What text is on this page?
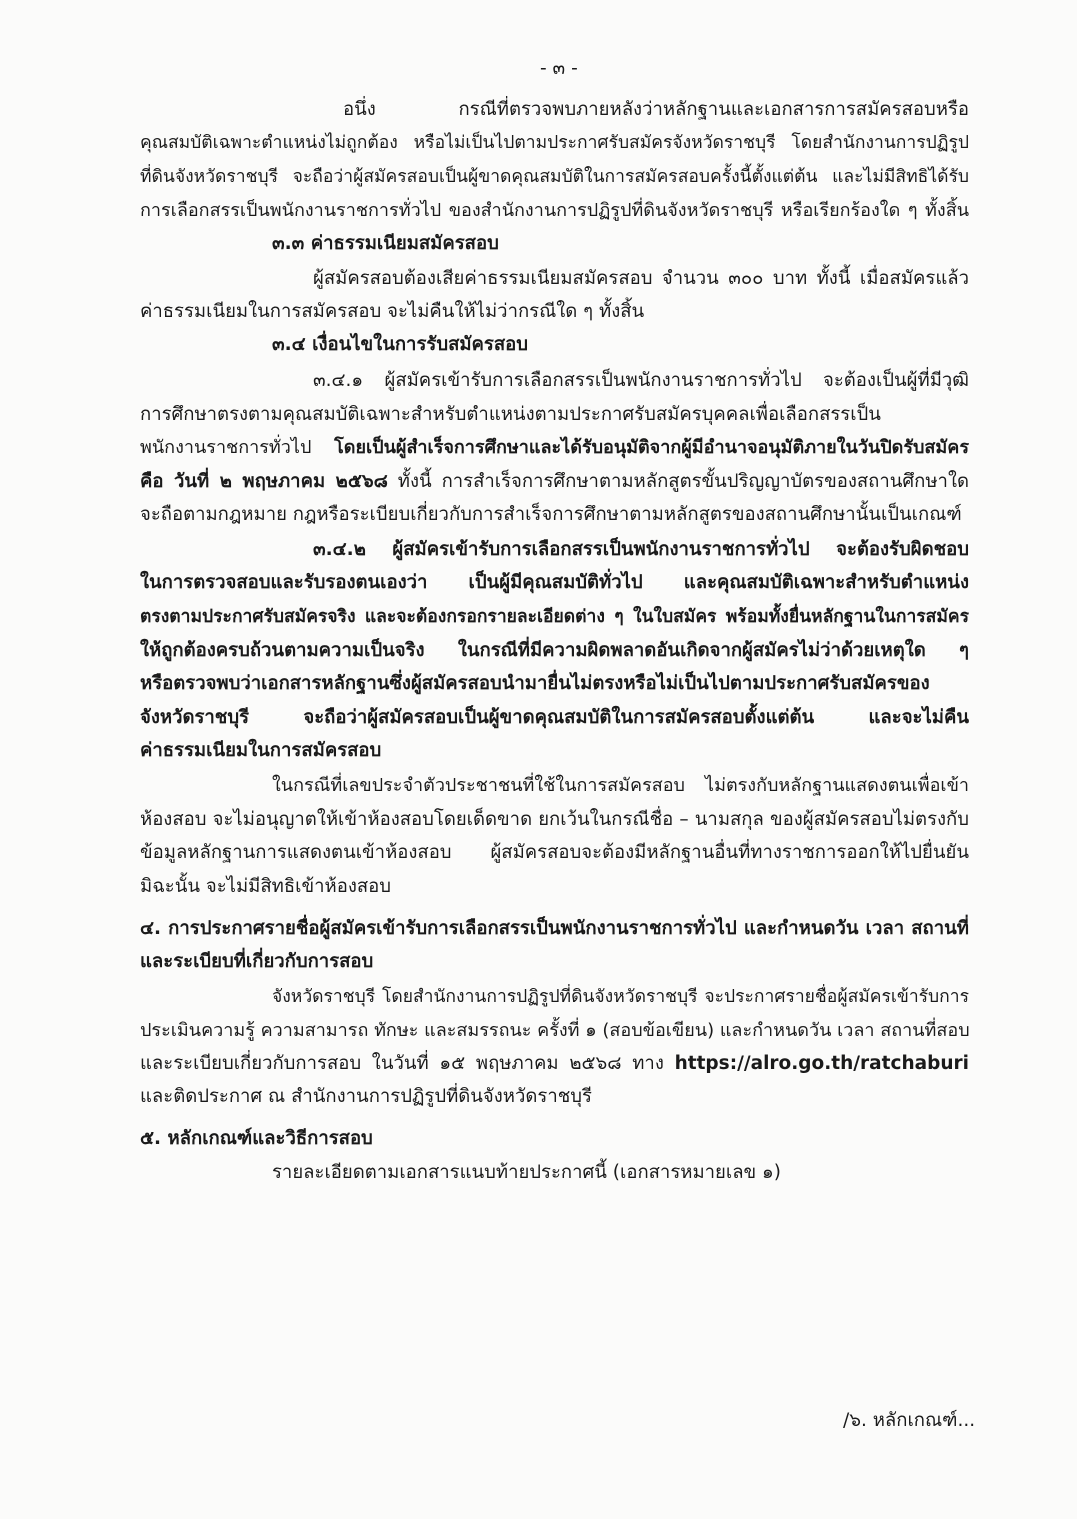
- ๓ -
อนึ่ง กรณีที่ตรวจพบภายหลังว่าหลักฐานและเอกสารการสมัครสอบหรือ
คุณสมบัติเฉพาะตำแหน่งไม่ถูกต้อง หรือไม่เป็นไปตามประกาศรับสมัครจังหวัดราชบุรี โดยสำนักงานการปฏิรูป
ที่ดินจังหวัดราชบุรี จะถือว่าผู้สมัครสอบเป็นผู้ขาดคุณสมบัติในการสมัครสอบครั้งนี้ตั้งแต่ต้น และไม่มีสิทธิได้รับ
การเลือกสรรเป็นพนักงานราชการทั่วไป ของสำนักงานการปฏิรูปที่ดินจังหวัดราชบุรี หรือเรียกร้องใด ๆ ทั้งสิ้น
๓.๓ ค่าธรรมเนียมสมัครสอบ
ผู้สมัครสอบต้องเสียค่าธรรมเนียมสมัครสอบ จำนวน ๓๐๐ บาท ทั้งนี้ เมื่อสมัครแล้ว
ค่าธรรมเนียมในการสมัครสอบ จะไม่คืนให้ไม่ว่ากรณีใด ๆ ทั้งสิ้น
๓.๔ เงื่อนไขในการรับสมัครสอบ
๓.๔.๑ ผู้สมัครเข้ารับการเลือกสรรเป็นพนักงานราชการทั่วไป จะต้องเป็นผู้ที่มีวุฒิ
การศึกษาตรงตามคุณสมบัติเฉพาะสำหรับตำแหน่งตามประกาศรับสมัครบุคคลเพื่อเลือกสรรเป็น
พนักงานราชการทั่วไป โดยเป็นผู้สำเร็จการศึกษาและได้รับอนุมัติจากผู้มีอำนาจอนุมัติภายในวันปิดรับสมัคร
คือ วันที่ ๒ พฤษภาคม ๒๕๖๘ ทั้งนี้ การสำเร็จการศึกษาตามหลักสูตรขั้นปริญญาบัตรของสถานศึกษาใด
จะถือตามกฎหมาย กฎหรือระเบียบเกี่ยวกับการสำเร็จการศึกษาตามหลักสูตรของสถานศึกษานั้นเป็นเกณฑ์
๓.๔.๒ ผู้สมัครเข้ารับการเลือกสรรเป็นพนักงานราชการทั่วไป จะต้องรับผิดชอบ
ในการตรวจสอบและรับรองตนเองว่า เป็นผู้มีคุณสมบัติทั่วไป และคุณสมบัติเฉพาะสำหรับตำแหน่ง
ตรงตามประกาศรับสมัครจริง และจะต้องกรอกรายละเอียดต่าง ๆ ในใบสมัคร พร้อมทั้งยื่นหลักฐานในการสมัคร
ให้ถูกต้องครบถ้วนตามความเป็นจริง ในกรณีที่มีความผิดพลาดอันเกิดจากผู้สมัครไม่ว่าด้วยเหตุใด ๆ
หรือตรวจพบว่าเอกสารหลักฐานซึ่งผู้สมัครสอบนำมายื่นไม่ตรงหรือไม่เป็นไปตามประกาศรับสมัครของ
จังหวัดราชบุรี จะถือว่าผู้สมัครสอบเป็นผู้ขาดคุณสมบัติในการสมัครสอบตั้งแต่ต้น และจะไม่คืน
ค่าธรรมเนียมในการสมัครสอบ
ในกรณีที่เลขประจำตัวประชาชนที่ใช้ในการสมัครสอบ ไม่ตรงกับหลักฐานแสดงตนเพื่อเข้า
ห้องสอบ จะไม่อนุญาตให้เข้าห้องสอบโดยเด็ดขาด ยกเว้นในกรณีชื่อ – นามสกุล ของผู้สมัครสอบไม่ตรงกับ
ข้อมูลหลักฐานการแสดงตนเข้าห้องสอบ ผู้สมัครสอบจะต้องมีหลักฐานอื่นที่ทางราชการออกให้ไปยื่นยัน
มิฉะนั้น จะไม่มีสิทธิเข้าห้องสอบ
๔. การประกาศรายชื่อผู้สมัครเข้ารับการเลือกสรรเป็นพนักงานราชการทั่วไป และกำหนดวัน เวลา สถานที่
และระเบียบที่เกี่ยวกับการสอบ
จังหวัดราชบุรี โดยสำนักงานการปฏิรูปที่ดินจังหวัดราชบุรี จะประกาศรายชื่อผู้สมัครเข้ารับการ
ประเมินความรู้ ความสามารถ ทักษะ และสมรรถนะ ครั้งที่ ๑ (สอบข้อเขียน) และกำหนดวัน เวลา สถานที่สอบ
และระเบียบเกี่ยวกับการสอบ ในวันที่ ๑๕ พฤษภาคม ๒๕๖๘ ทาง https://alro.go.th/ratchaburi
และติดประกาศ ณ สำนักงานการปฏิรูปที่ดินจังหวัดราชบุรี
๕. หลักเกณฑ์และวิธีการสอบ
รายละเอียดตามเอกสารแนบท้ายประกาศนี้ (เอกสารหมายเลข ๑)
/๖. หลักเกณฑ์...
